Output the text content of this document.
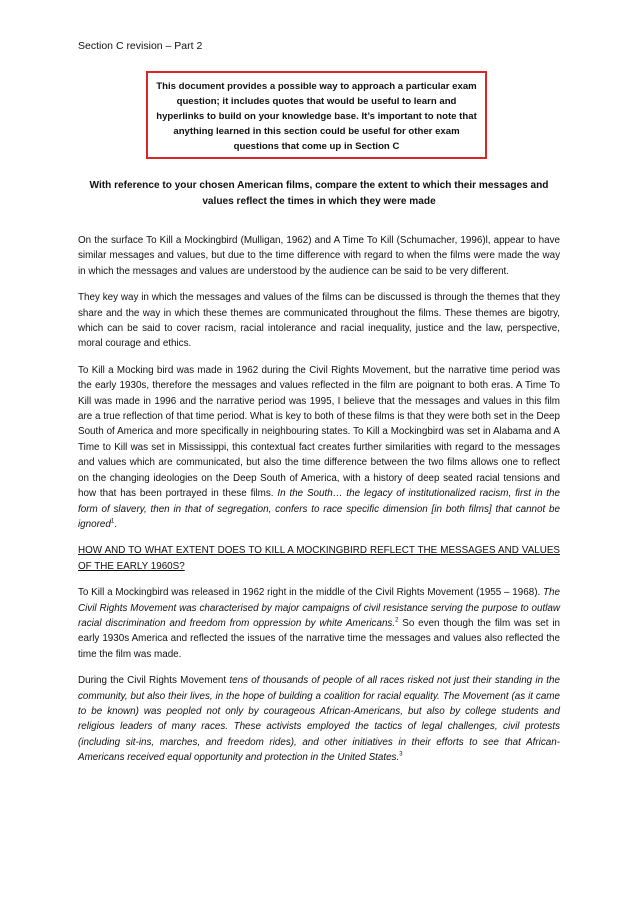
Section C revision – Part 2
This document provides a possible way to approach a particular exam question; it includes quotes that would be useful to learn and hyperlinks to build on your knowledge base. It’s important to note that anything learned in this section could be useful for other exam questions that come up in Section C
With reference to your chosen American films, compare the extent to which their messages and values reflect the times in which they were made

On the surface To Kill a Mockingbird (Mulligan, 1962) and A Time To Kill (Schumacher, 1996)l, appear to have similar messages and values, but due to the time difference with regard to when the films were made the way in which the messages and values are understood by the audience can be said to be very different.

They key way in which the messages and values of the films can be discussed is through the themes that they share and the way in which these themes are communicated throughout the films. These themes are bigotry, which can be said to cover racism, racial intolerance and racial inequality, justice and the law, perspective, moral courage and ethics.

To Kill a Mocking bird was made in 1962 during the Civil Rights Movement, but the narrative time period was the early 1930s, therefore the messages and values reflected in the film are poignant to both eras. A Time To Kill was made in 1996 and the narrative period was 1995, I believe that the messages and values in this film are a true reflection of that time period. What is key to both of these films is that they were both set in the Deep South of America and more specifically in neighbouring states. To Kill a Mockingbird was set in Alabama and A Time to Kill was set in Mississippi, this contextual fact creates further similarities with regard to the messages and values which are communicated, but also the time difference between the two films allows one to reflect on the changing ideologies on the Deep South of America, with a history of deep seated racial tensions and how that has been portrayed in these films. In the South… the legacy of institutionalized racism, first in the form of slavery, then in that of segregation, confers to race specific dimension [in both films] that cannot be ignored$^1$.

HOW AND TO WHAT EXTENT DOES TO KILL A MOCKINGBIRD REFLECT THE MESSAGES AND VALUES OF THE EARLY 1960S?

To Kill a Mockingbird was released in 1962 right in the middle of the Civil Rights Movement (1955 – 1968). The Civil Rights Movement was characterised by major campaigns of civil resistance serving the purpose to outlaw racial discrimination and freedom from oppression by white Americans.$^2$ So even though the film was set in early 1930s America and reflected the issues of the narrative time the messages and values also reflected the time the film was made.

During the Civil Rights Movement tens of thousands of people of all races risked not just their standing in the community, but also their lives, in the hope of building a coalition for racial equality. The Movement (as it came to be known) was peopled not only by courageous African-Americans, but also by college students and religious leaders of many races. These activists employed the tactics of legal challenges, civil protests (including sit-ins, marches, and freedom rides), and other initiatives in their efforts to see that African-Americans received equal opportunity and protection in the United States.$^3$
